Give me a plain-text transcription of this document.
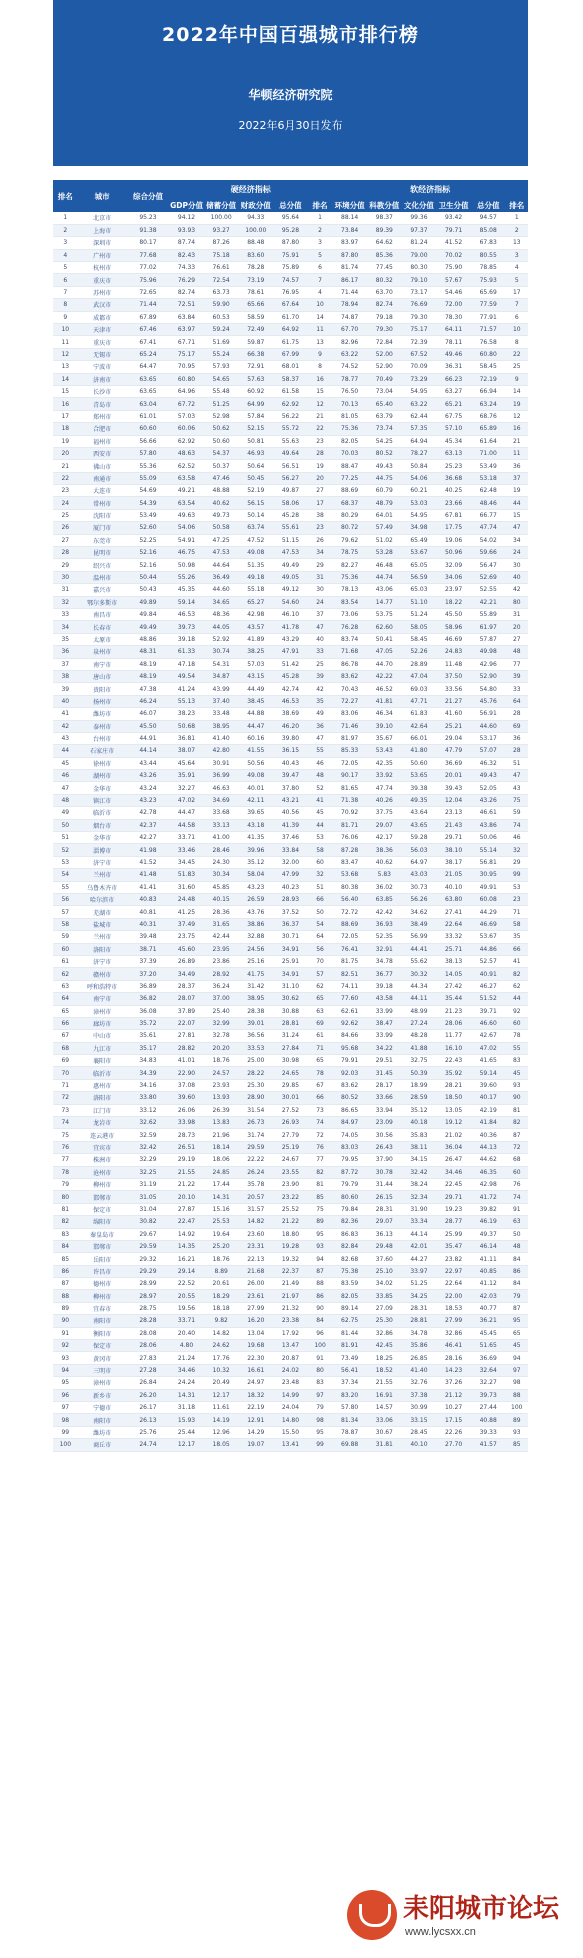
2022年中国百强城市排行榜
华顿经济研究院
2022年6月30日发布
排名	城市	综合分值	硬经济指标					软经济指标					
			GDP分值	储蓄分值	财政分值	总分值	排名	环境分值	科教分值	文化分值	卫生分值	总分值	排名
1	北京市	95.23	94.12	100.00	94.33	95.64	1	88.14	98.37	99.36	93.42	94.57	1
2	上海市	91.38	93.93	93.27	100.00	95.28	2	73.84	89.39	97.37	79.71	85.08	2
3	深圳市	80.17	87.74	87.26	88.48	87.80	3	83.97	64.62	81.24	41.52	67.83	13
4	广州市	77.68	82.43	75.18	83.60	75.91	5	87.80	85.36	79.00	70.02	80.55	3
5	杭州市	77.02	74.33	76.61	78.28	75.89	6	81.74	77.45	80.30	75.90	78.85	4
6	重庆市	75.96	76.29	72.54	73.19	74.57	7	86.17	80.32	79.10	57.67	75.93	5
7	苏州市	72.65	82.74	63.73	78.61	76.95	4	71.44	63.70	73.17	54.46	65.69	17
8	武汉市	71.44	72.51	59.90	65.66	67.64	10	78.94	82.74	76.69	72.00	77.59	7
9	成都市	67.89	63.84	60.53	58.59	61.70	14	74.87	79.18	79.30	78.30	77.91	6
10	天津市	67.46	63.97	59.24	72.49	64.92	11	67.70	79.30	75.17	64.11	71.57	10
11	重庆市	67.41	67.71	51.69	59.87	61.75	13	82.96	72.84	72.39	78.11	76.58	8
12	无锡市	65.24	75.17	55.24	66.38	67.99	9	63.22	52.00	67.52	49.46	60.80	22
13	宁波市	64.47	70.95	57.93	72.91	68.01	8	74.52	52.90	70.09	36.31	58.45	25
14	济南市	63.65	60.80	54.65	57.63	58.37	16	78.77	70.49	73.29	66.23	72.19	9
15	长沙市	63.65	64.96	55.48	60.92	61.58	15	76.50	73.04	54.95	63.27	66.94	14
16	青岛市	63.04	67.72	51.25	64.99	62.92	12	70.13	65.40	63.22	65.21	63.24	19
17	郑州市	61.01	57.03	52.98	57.84	56.22	21	81.05	63.79	62.44	67.75	68.76	12
18	合肥市	60.60	60.06	50.62	52.15	55.72	22	75.36	73.74	57.35	57.10	65.89	16
19	福州市	56.66	62.92	50.60	50.81	55.63	23	82.05	54.25	64.94	45.34	61.64	21
20	西安市	57.80	48.63	54.37	46.93	49.64	28	70.03	80.52	78.27	63.13	71.00	11
21	佛山市	55.36	62.52	50.37	50.64	56.51	19	88.47	49.43	50.84	25.23	53.49	36
22	南通市	55.09	63.58	47.46	50.45	56.27	20	77.25	44.75	54.06	36.68	53.18	37
23	大连市	54.69	49.21	48.88	52.19	49.87	27	88.69	60.79	60.21	40.25	62.48	19
24	常州市	54.39	63.54	40.62	56.15	58.06	17	68.37	48.79	53.03	23.66	48.46	44
25	沈阳市	53.49	49.63	49.73	50.14	45.28	38	80.29	64.01	54.95	67.81	66.77	15
26	厦门市	52.60	54.06	50.58	63.74	55.61	23	80.72	57.49	34.98	17.75	47.74	47
27	东莞市	52.25	54.91	47.25	47.52	51.15	26	79.62	51.02	65.49	19.06	54.02	34
28	昆明市	52.16	46.75	47.53	49.08	47.53	34	78.75	53.28	53.67	50.96	59.66	24
29	绍兴市	52.16	50.98	44.64	51.35	49.49	29	82.27	46.48	65.05	32.09	56.47	30
30	温州市	50.44	55.26	36.49	49.18	49.05	31	75.36	44.74	56.59	34.06	52.69	40
31	嘉兴市	50.43	45.35	44.60	55.18	49.12	30	78.13	43.06	65.03	23.97	52.55	42
32	鄂尔多斯市	49.89	59.14	34.65	65.27	54.60	24	83.54	14.77	51.10	18.22	42.21	80
33	南昌市	49.84	46.53	48.36	42.98	46.10	37	73.06	53.75	51.24	45.50	55.89	31
34	长春市	49.49	39.73	44.05	43.57	41.78	47	76.28	62.60	58.05	58.96	61.97	20
35	太原市	48.86	39.18	52.92	41.89	43.29	40	83.74	50.41	58.45	46.69	57.87	27
36	泉州市	48.31	61.33	30.74	38.25	47.91	33	71.68	47.05	52.26	24.83	49.98	48
37	南宁市	48.19	47.18	54.31	57.03	51.42	25	86.78	44.70	28.89	11.48	42.96	77
38	唐山市	48.19	49.54	34.87	43.15	45.28	39	83.62	42.22	47.04	37.50	52.90	39
39	贵阳市	47.38	41.24	43.99	44.49	42.74	42	70.43	46.52	69.03	33.56	54.80	33
40	扬州市	46.24	55.13	37.40	38.45	46.53	35	72.27	41.81	47.71	21.27	45.76	64
41	潍坊市	46.07	38.23	33.48	44.88	38.69	49	83.06	46.34	61.83	41.60	56.91	28
42	泰州市	45.50	50.68	38.95	44.47	46.20	36	71.46	39.10	42.64	25.21	44.60	69
43	台州市	44.91	36.81	41.40	60.16	39.80	47	81.97	35.67	66.01	29.04	53.17	36
44	石家庄市	44.14	38.07	42.80	41.55	36.15	55	85.33	53.43	41.80	47.79	57.07	28
45	徐州市	43.44	45.64	30.91	50.56	40.43	46	72.05	42.35	50.60	36.69	46.32	51
46	湖州市	43.26	35.91	36.99	49.08	39.47	48	90.17	33.92	53.65	20.01	49.43	47
47	金华市	43.24	32.27	46.63	40.01	37.80	52	81.65	47.74	39.38	39.43	52.05	43
48	镇江市	43.23	47.02	34.69	42.11	43.21	41	71.38	40.26	49.35	12.04	43.26	75
49	临沂市	42.78	44.47	33.68	39.65	40.56	45	70.92	37.75	43.64	23.13	46.61	59
50	烟台市	42.37	44.58	33.13	43.18	41.39	44	81.71	29.07	43.65	21.43	43.86	74
51	金华市	42.27	33.71	41.00	41.35	37.46	53	76.06	42.17	59.28	29.71	50.06	46
52	淄博市	41.98	33.46	28.46	39.96	33.84	58	87.28	38.36	56.03	38.10	55.14	32
53	济宁市	41.52	34.45	24.30	35.12	32.00	60	83.47	40.62	64.97	38.17	56.81	29
54	兰州市	41.48	51.83	30.34	58.04	47.99	32	53.68	5.83	43.03	21.05	30.95	99
55	乌鲁木齐市	41.41	31.60	45.85	43.23	40.23	51	80.38	36.02	30.73	40.10	49.91	53
56	哈尔滨市	40.83	24.48	40.15	26.59	28.93	66	56.40	63.85	56.26	63.80	60.08	23
57	芜湖市	40.81	41.25	28.36	43.76	37.52	50	72.72	42.42	34.62	27.41	44.29	71
58	盐城市	40.31	37.49	31.65	38.86	36.37	54	88.69	36.93	38.49	22.64	46.69	58
59	兰州市	39.48	23.75	42.44	32.88	30.71	64	72.05	52.35	56.99	33.32	53.67	35
60	洛阳市	38.71	45.60	23.95	24.56	34.91	56	76.41	32.91	44.41	25.71	44.86	66
61	济宁市	37.39	26.89	23.86	25.16	25.91	70	81.75	34.78	55.62	38.13	52.57	41
62	赣州市	37.20	34.49	28.92	41.75	34.91	57	82.51	36.77	30.32	14.05	40.91	82
63	呼和浩特市	36.89	28.37	36.24	31.42	31.10	62	74.11	39.18	44.34	27.42	46.27	62
64	南宁市	36.82	28.07	37.00	38.95	30.62	65	77.60	43.58	44.11	35.44	51.52	44
65	漳州市	36.08	37.89	25.40	28.38	30.88	63	62.61	33.99	48.99	21.23	39.71	92
66	廊坊市	35.72	22.07	32.99	39.01	28.81	69	92.62	38.47	27.24	28.06	46.60	60
67	中山市	35.61	27.81	32.78	36.56	31.24	61	84.66	33.99	48.28	11.77	42.67	78
68	九江市	35.17	28.82	20.20	33.53	27.84	71	95.68	34.22	41.88	16.10	47.02	55
69	襄阳市	34.83	41.01	18.76	25.00	30.98	65	79.91	29.51	32.75	22.43	41.65	83
70	临沂市	34.39	22.90	24.57	28.22	24.65	78	92.03	31.45	50.39	35.92	59.14	45
71	惠州市	34.16	37.08	23.93	25.30	29.85	67	83.62	28.17	18.99	28.21	39.60	93
72	洛阳市	33.80	39.60	13.93	28.90	30.01	66	80.52	33.66	28.59	18.50	40.17	90
73	江门市	33.12	26.06	26.39	31.54	27.52	73	86.65	33.94	35.12	13.05	42.19	81
74	龙岩市	32.62	33.98	13.83	26.73	26.93	74	84.97	23.09	40.18	19.12	41.84	82
75	连云港市	32.59	28.73	21.96	31.74	27.79	72	74.05	30.56	35.83	21.02	40.36	87
76	宜宾市	32.42	26.51	18.14	29.59	25.19	76	83.03	26.43	38.11	36.04	44.13	72
77	株洲市	32.29	29.19	18.06	22.22	24.67	77	79.95	37.90	34.15	26.47	44.62	68
78	沧州市	32.25	21.55	24.85	26.24	23.55	82	87.72	30.78	32.42	34.46	46.35	60
79	柳州市	31.19	21.22	17.44	35.78	23.90	81	79.79	31.44	38.24	22.45	42.98	76
80	邯郸市	31.05	20.10	14.31	20.57	23.22	85	80.60	26.15	32.34	29.71	41.72	74
81	保定市	31.04	27.87	15.16	31.57	25.52	75	79.84	28.31	31.90	19.23	39.82	91
82	绵阳市	30.82	22.47	25.53	14.82	21.22	89	82.36	29.07	33.34	28.77	46.19	63
83	秦皇岛市	29.67	14.92	19.64	23.60	18.80	95	86.83	36.13	44.14	25.99	49.37	50
84	邯郸市	29.59	14.35	25.20	23.31	19.28	93	82.84	29.48	42.01	35.47	46.14	48
85	岳阳市	29.32	16.21	18.76	22.13	19.32	94	82.68	37.60	44.27	23.82	41.11	84
86	许昌市	29.29	29.14	8.89	21.68	22.37	87	75.38	25.10	33.97	22.97	40.85	86
87	德州市	28.99	22.52	20.61	26.00	21.49	88	83.59	34.02	51.25	22.64	41.12	84
88	柳州市	28.97	20.55	18.29	23.61	21.97	86	82.05	33.85	34.25	22.00	42.03	79
89	宜春市	28.75	19.56	18.18	27.99	21.32	90	89.14	27.09	28.31	18.53	40.77	87
90	南阳市	28.28	33.71	9.82	16.20	23.38	84	62.75	25.30	28.81	27.99	36.21	95
91	衡阳市	28.08	20.40	14.82	13.04	17.92	96	81.44	32.86	34.78	32.86	45.45	65
92	保定市	28.06	4.80	24.62	19.68	13.47	100	81.91	42.45	35.86	46.41	51.65	45
93	黄冈市	27.83	21.24	17.76	22.30	20.87	91	73.49	18.25	26.85	28.16	36.69	94
94	三明市	27.28	34.46	10.32	16.61	24.02	80	56.41	18.52	41.40	14.23	32.64	97
95	漳州市	26.84	24.24	20.49	24.97	23.48	83	37.34	21.55	32.76	37.26	32.27	98
96	新乡市	26.20	14.31	12.17	18.32	14.99	97	83.20	16.91	37.38	21.12	39.73	88
97	宁德市	26.17	31.18	11.61	22.19	24.04	79	57.80	14.57	30.99	10.27	27.44	100
98	南阳市	26.13	15.93	14.19	12.91	14.80	98	81.34	33.06	33.15	17.15	40.88	89
99	潍坊市	25.76	25.44	12.96	14.29	15.50	95	78.87	30.67	28.45	22.26	39.33	93
100	商丘市	24.74	12.17	18.05	19.07	13.41	99	69.88	31.81	40.10	27.70	41.57	85
耒阳城市论坛
www.lycsxx.cn
